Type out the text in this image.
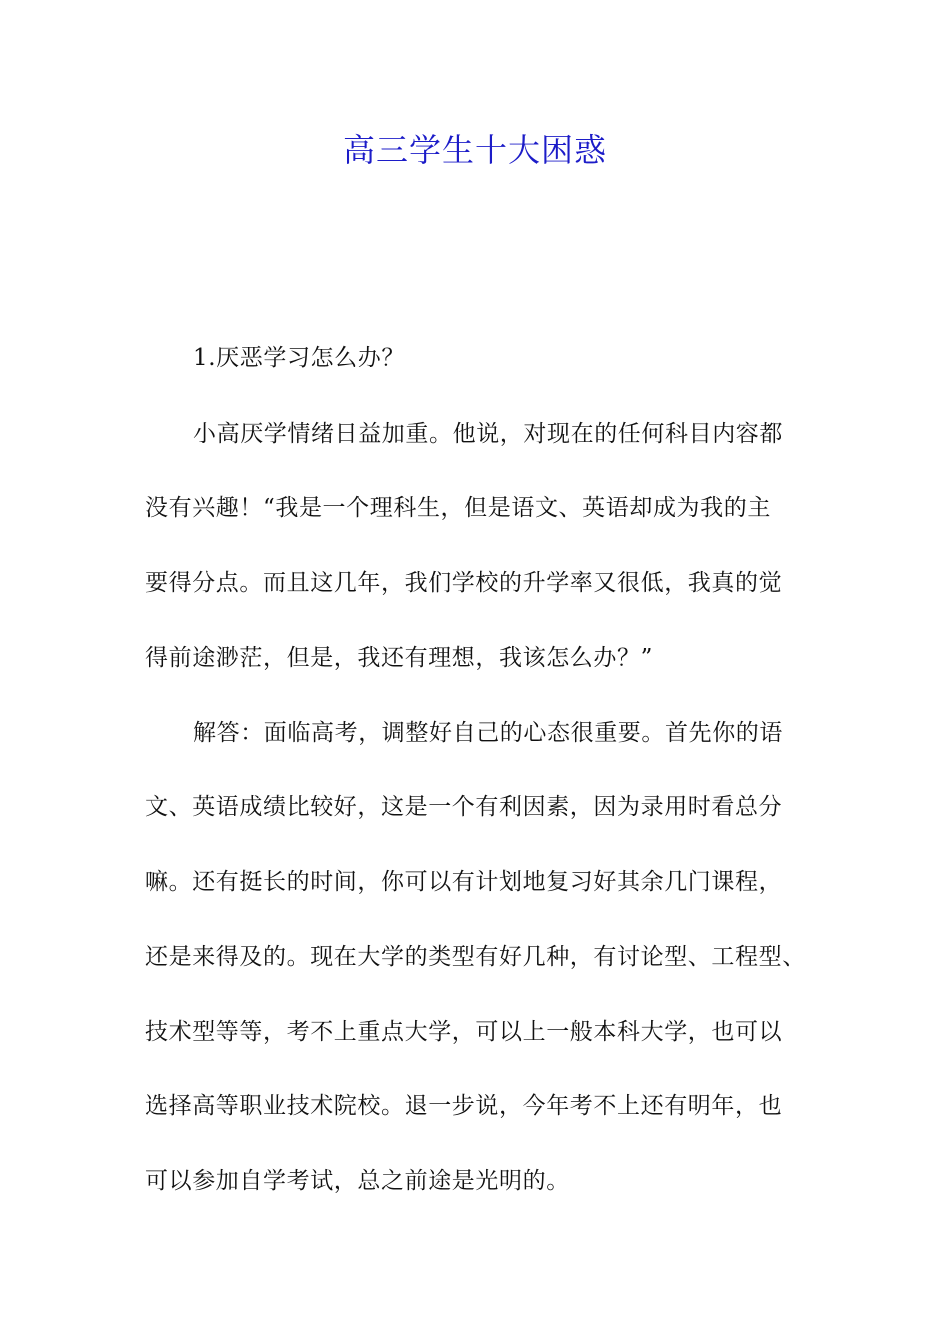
高三学生十大困惑
1.厌恶学习怎么办？
小高厌学情绪日益加重。他说，对现在的任何科目内容都
没有兴趣！“我是一个理科生，但是语文、英语却成为我的主
要得分点。而且这几年，我们学校的升学率又很低，我真的觉
得前途渺茫，但是，我还有理想，我该怎么办？”
解答：面临高考，调整好自己的心态很重要。首先你的语
文、英语成绩比较好，这是一个有利因素，因为录用时看总分
嘛。还有挺长的时间，你可以有计划地复习好其余几门课程，
还是来得及的。现在大学的类型有好几种，有讨论型、工程型、
技术型等等，考不上重点大学，可以上一般本科大学，也可以
选择高等职业技术院校。退一步说，今年考不上还有明年，也
可以参加自学考试，总之前途是光明的。
